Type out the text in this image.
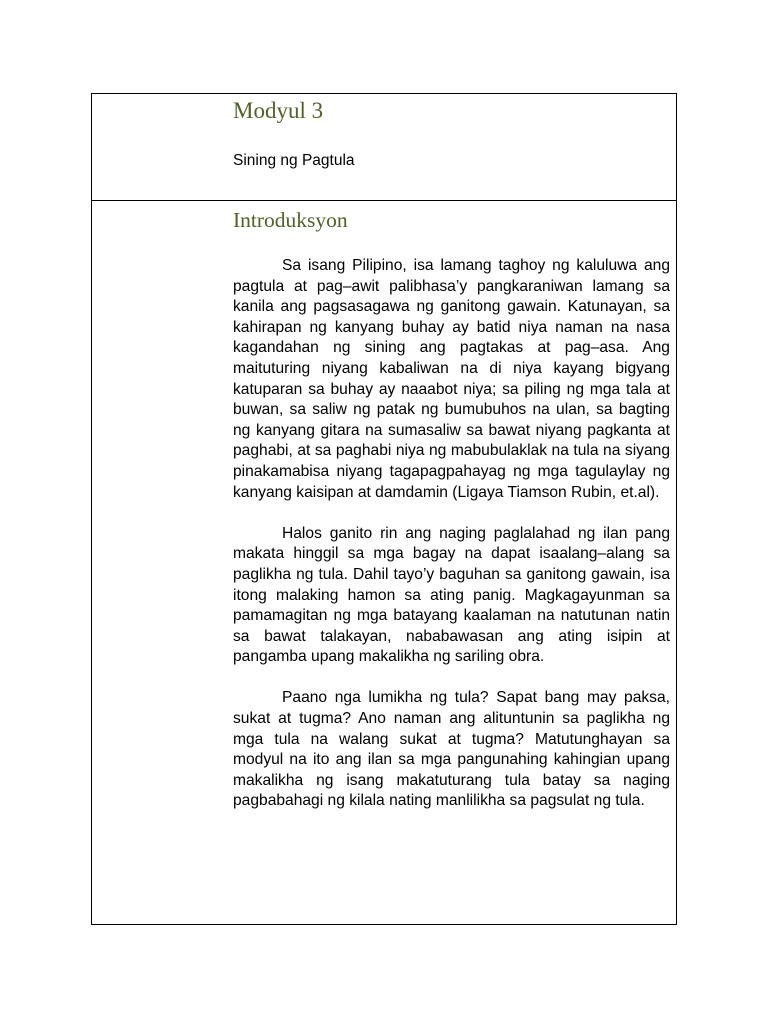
Modyul 3

Sining ng Pagtula

Introduksyon

Sa isang Pilipino, isa lamang taghoy ng kaluluwa ang pagtula at pag–awit palibhasa’y pangkaraniwan lamang sa kanila ang pagsasagawa ng ganitong gawain. Katunayan, sa kahirapan ng kanyang buhay ay batid niya naman na nasa kagandahan ng sining ang pagtakas at pag–asa. Ang maituturing niyang kabaliwan na di niya kayang bigyang katuparan sa buhay ay naaabot niya; sa piling ng mga tala at buwan, sa saliw ng patak ng bumubuhos na ulan, sa bagting ng kanyang gitara na sumasaliw sa bawat niyang pagkanta at paghabi, at sa paghabi niya ng mabubulaklak na tula na siyang pinakamabisa niyang tagapagpahayag ng mga tagulaylay ng kanyang kaisipan at damdamin (Ligaya Tiamson Rubin, et.al).

Halos ganito rin ang naging paglalahad ng ilan pang makata hinggil sa mga bagay na dapat isaalang–alang sa paglikha ng tula. Dahil tayo’y baguhan sa ganitong gawain, isa itong malaking hamon sa ating panig. Magkagayunman sa pamamagitan ng mga batayang kaalaman na natutunan natin sa bawat talakayan, nababawasan ang ating isipin at pangamba upang makalikha ng sariling obra.

Paano nga lumikha ng tula? Sapat bang may paksa, sukat at tugma? Ano naman ang alituntunin sa paglikha ng mga tula na walang sukat at tugma? Matutunghayan sa modyul na ito ang ilan sa mga pangunahing kahingian upang makalikha ng isang makatuturang tula batay sa naging pagbabahagi ng kilala nating manlilikha sa pagsulat ng tula.
